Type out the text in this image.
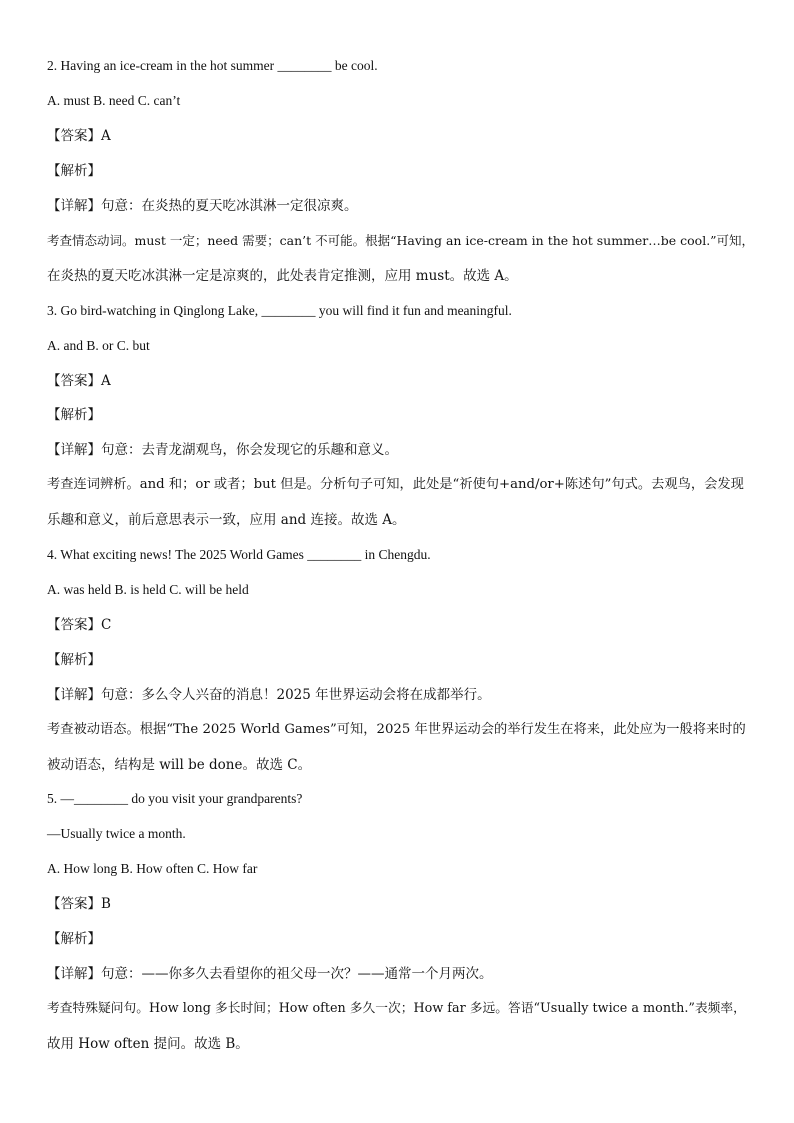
2. Having an ice-cream in the hot summer ________ be cool.
A. must B. need C. can’t
【答案】A
【解析】
【详解】句意：在炎热的夏天吃冰淇淋一定很凉爽。
考查情态动词。must 一定；need 需要；can’t 不可能。根据“Having an ice-cream in the hot summer…be cool.”可知，
在炎热的夏天吃冰淇淋一定是凉爽的，此处表肯定推测，应用 must。故选 A。
3. Go bird-watching in Qinglong Lake, ________ you will find it fun and meaningful.
A. and B. or C. but
【答案】A
【解析】
【详解】句意：去青龙湖观鸟，你会发现它的乐趣和意义。
考查连词辨析。and 和；or 或者；but 但是。分析句子可知，此处是“祈使句+and/or+陈述句”句式。去观鸟，会发现
乐趣和意义，前后意思表示一致，应用 and 连接。故选 A。
4. What exciting news! The 2025 World Games ________ in Chengdu.
A. was held B. is held C. will be held
【答案】C
【解析】
【详解】句意：多么令人兴奋的消息！2025 年世界运动会将在成都举行。
考查被动语态。根据“The 2025 World Games”可知，2025 年世界运动会的举行发生在将来，此处应为一般将来时的
被动语态，结构是 will be done。故选 C。
5. —________ do you visit your grandparents?
—Usually twice a month.
A. How long B. How often C. How far
【答案】B
【解析】
【详解】句意：——你多久去看望你的祖父母一次？——通常一个月两次。
考查特殊疑问句。How long 多长时间；How often 多久一次；How far 多远。答语“Usually twice a month.”表频率，
故用 How often 提问。故选 B。
